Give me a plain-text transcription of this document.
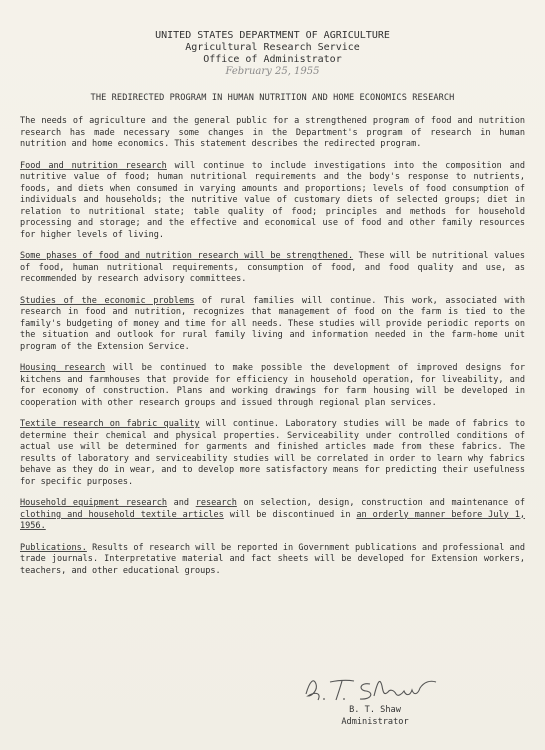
UNITED STATES DEPARTMENT OF AGRICULTURE
Agricultural Research Service
Office of Administrator
February 25, 1955
THE REDIRECTED PROGRAM IN HUMAN NUTRITION AND HOME ECONOMICS RESEARCH

The needs of agriculture and the general public for a strengthened program of food and nutrition research has made necessary some changes in the Department's program of research in human nutrition and home economics. This statement describes the redirected program.

Food and nutrition research will continue to include investigations into the composition and nutritive value of food; human nutritional requirements and the body's response to nutrients, foods, and diets when consumed in varying amounts and proportions; levels of food consumption of individuals and households; the nutritive value of customary diets of selected groups; diet in relation to nutritional state; table quality of food; principles and methods for household processing and storage; and the effective and economical use of food and other family resources for higher levels of living.

Some phases of food and nutrition research will be strengthened. These will be nutritional values of food, human nutritional requirements, consumption of food, and food quality and use, as recommended by research advisory committees.

Studies of the economic problems of rural families will continue. This work, associated with research in food and nutrition, recognizes that management of food on the farm is tied to the family's budgeting of money and time for all needs. These studies will provide periodic reports on the situation and outlook for rural family living and information needed in the farm-home unit program of the Extension Service.

Housing research will be continued to make possible the development of improved designs for kitchens and farmhouses that provide for efficiency in household operation, for liveability, and for economy of construction. Plans and working drawings for farm housing will be developed in cooperation with other research groups and issued through regional plan services.

Textile research on fabric quality will continue. Laboratory studies will be made of fabrics to determine their chemical and physical properties. Serviceability under controlled conditions of actual use will be determined for garments and finished articles made from these fabrics. The results of laboratory and serviceability studies will be correlated in order to learn why fabrics behave as they do in wear, and to develop more satisfactory means for predicting their usefulness for specific purposes.

Household equipment research and research on selection, design, construction and maintenance of clothing and household textile articles will be discontinued in an orderly manner before July 1, 1956.

Publications. Results of research will be reported in Government publications and professional and trade journals. Interpretative material and fact sheets will be developed for Extension workers, teachers, and other educational groups.

B. T. Shaw
Administrator
